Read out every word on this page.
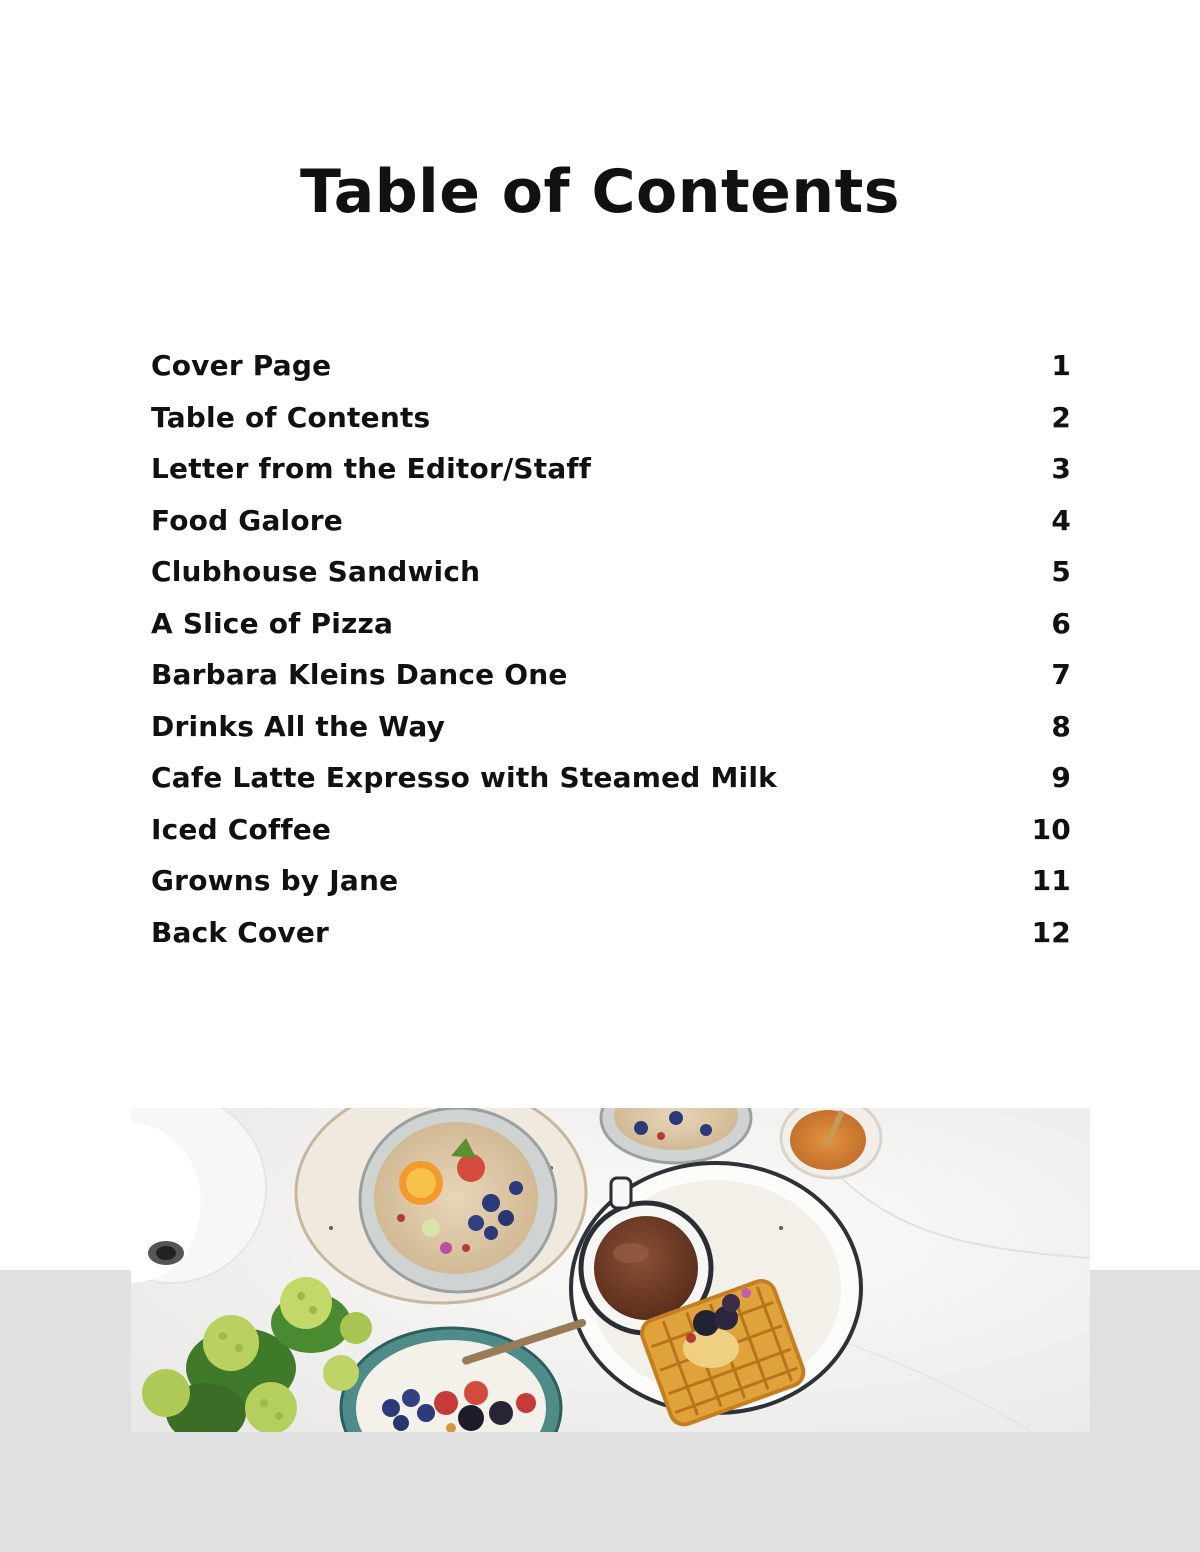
Table of Contents
Cover Page	1
Table of Contents	2
Letter from the Editor/Staff	3
Food Galore	4
Clubhouse Sandwich	5
A Slice of Pizza	6
Barbara Kleins Dance One	7
Drinks All the Way	8
Cafe Latte Expresso with Steamed Milk	9
Iced Coffee	10
Growns by Jane	11
Back Cover	12
